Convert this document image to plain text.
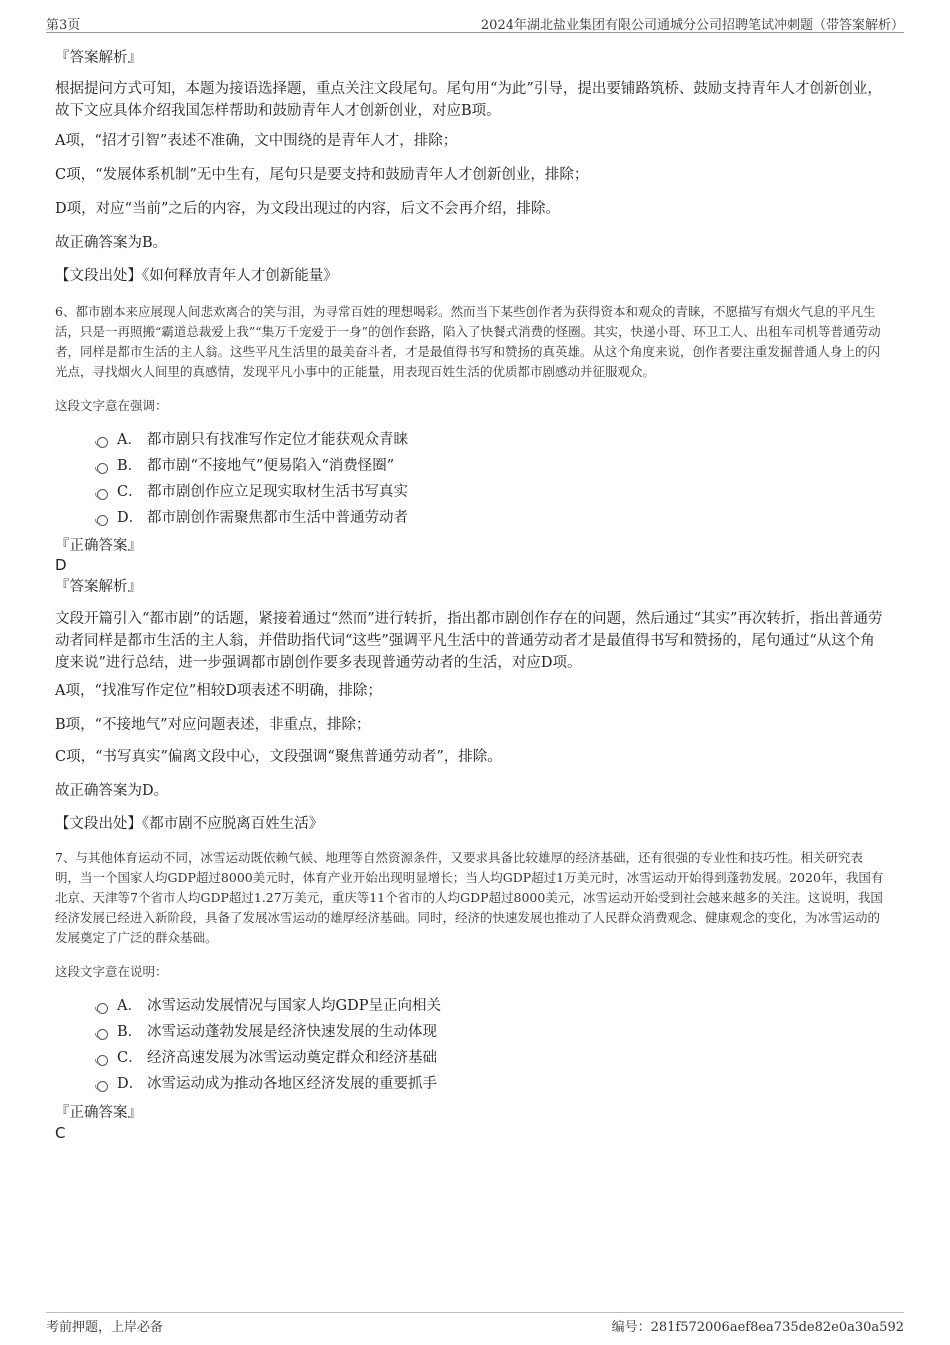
第3页	2024年湖北盐业集团有限公司通城分公司招聘笔试冲刺题（带答案解析）
『答案解析』

根据提问方式可知，本题为接语选择题，重点关注文段尾句。尾句用“为此”引导，提出要铺路筑桥、鼓励支持青年人才创新创业，故下文应具体介绍我国怎样帮助和鼓励青年人才创新创业，对应B项。

A项，“招才引智”表述不准确，文中围绕的是青年人才，排除；

C项，“发展体系机制”无中生有，尾句只是要支持和鼓励青年人才创新创业，排除；

D项，对应“当前”之后的内容，为文段出现过的内容，后文不会再介绍，排除。

故正确答案为B。

【文段出处】《如何释放青年人才创新能量》

6、都市剧本来应展现人间悲欢离合的笑与泪，为寻常百姓的理想喝彩。然而当下某些创作者为获得资本和观众的青睐，不愿描写有烟火气息的平凡生活，只是一再照搬“霸道总裁爱上我”“集万千宠爱于一身”的创作套路，陷入了快餐式消费的怪圈。其实，快递小哥、环卫工人、出租车司机等普通劳动者，同样是都市生活的主人翁。这些平凡生活里的最美奋斗者，才是最值得书写和赞扬的真英雄。从这个角度来说，创作者要注重发掘普通人身上的闪光点，寻找烟火人间里的真感情，发现平凡小事中的正能量，用表现百姓生活的优质都市剧感动并征服观众。

这段文字意在强调：

A． 都市剧只有找准写作定位才能获观众青睐
B． 都市剧“不接地气”便易陷入“消费怪圈”
C． 都市剧创作应立足现实取材生活书写真实
D． 都市剧创作需聚焦都市生活中普通劳动者
『正确答案』
D
『答案解析』

文段开篇引入“都市剧”的话题，紧接着通过“然而”进行转折，指出都市剧创作存在的问题，然后通过“其实”再次转折，指出普通劳动者同样是都市生活的主人翁，并借助指代词“这些”强调平凡生活中的普通劳动者才是最值得书写和赞扬的，尾句通过“从这个角度来说”进行总结，进一步强调都市剧创作要多表现普通劳动者的生活，对应D项。

A项，“找准写作定位”相较D项表述不明确，排除；

B项，“不接地气”对应问题表述，非重点，排除；

C项，“书写真实”偏离文段中心，文段强调“聚焦普通劳动者”，排除。

故正确答案为D。

【文段出处】《都市剧不应脱离百姓生活》

7、与其他体育运动不同，冰雪运动既依赖气候、地理等自然资源条件，又要求具备比较雄厚的经济基础，还有很强的专业性和技巧性。相关研究表明，当一个国家人均GDP超过8000美元时，体育产业开始出现明显增长；当人均GDP超过1万美元时，冰雪运动开始得到蓬勃发展。2020年，我国有北京、天津等7个省市人均GDP超过1.27万美元，重庆等11个省市的人均GDP超过8000美元，冰雪运动开始受到社会越来越多的关注。这说明，我国经济发展已经进入新阶段，具备了发展冰雪运动的雄厚经济基础。同时，经济的快速发展也推动了人民群众消费观念、健康观念的变化，为冰雪运动的发展奠定了广泛的群众基础。

这段文字意在说明：

A． 冰雪运动发展情况与国家人均GDP呈正向相关
B． 冰雪运动蓬勃发展是经济快速发展的生动体现
C． 经济高速发展为冰雪运动奠定群众和经济基础
D． 冰雪运动成为推动各地区经济发展的重要抓手
『正确答案』
C
考前押题，上岸必备	编号：281f572006aef8ea735de82e0a30a592
